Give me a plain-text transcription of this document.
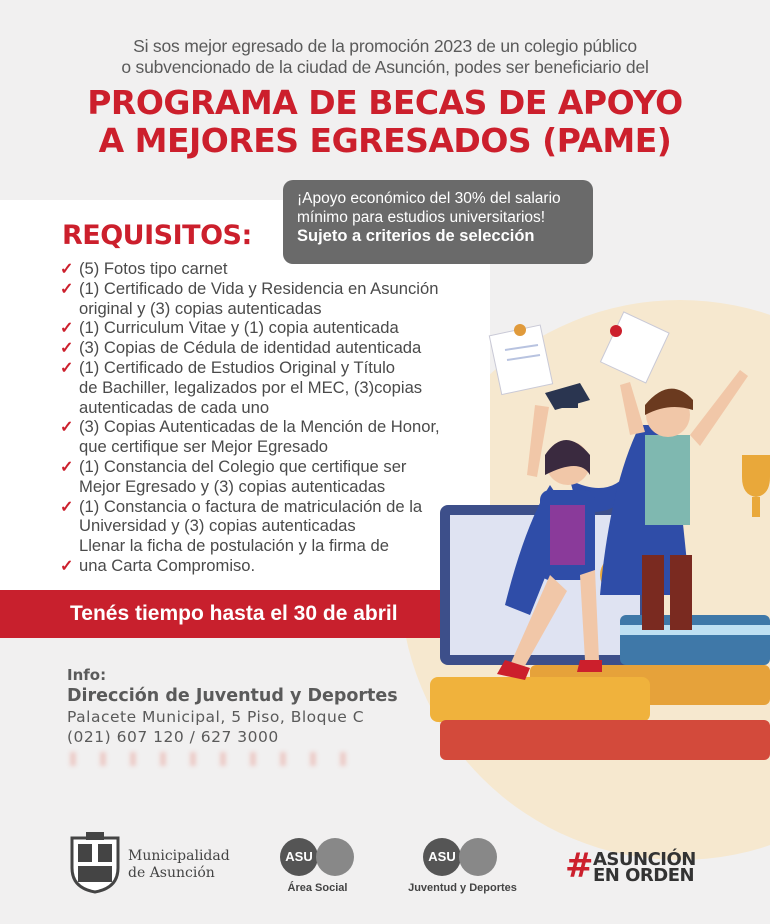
Si sos mejor egresado de la promoción 2023 de un colegio público
o subvencionado de la ciudad de Asunción, podes ser beneficiario del
PROGRAMA DE BECAS DE APOYO
A MEJORES EGRESADOS (PAME)
¡Apoyo económico del 30% del salario
mínimo para estudios universitarios!
Sujeto a criterios de selección
REQUISITOS:
✓ (5) Fotos tipo carnet
✓ (1) Certificado de Vida y Residencia en Asunción
original y (3) copias autenticadas
✓ (1) Curriculum Vitae y (1) copia autenticada
✓ (3) Copias de Cédula de identidad autenticada
✓ (1) Certificado de Estudios Original y Título
de Bachiller, legalizados por el MEC, (3)copias
autenticadas de cada uno
✓ (3) Copias Autenticadas de la Mención de Honor,
que certifique ser Mejor Egresado
✓ (1) Constancia del Colegio que certifique ser
Mejor Egresado y (3) copias autenticadas
✓ (1) Constancia o factura de matriculación de la
Universidad y (3) copias autenticadas
Llenar la ficha de postulación y la firma de
✓ una Carta Compromiso.
Tenés tiempo hasta el 30 de abril
Info:
Dirección de Juventud y Deportes
Palacete Municipal, 5 Piso, Bloque C
(021) 607 120 / 627 3000
Municipalidad
de Asunción
ASU
Área Social
ASU
Juventud y Deportes
# ASUNCIÓN
EN ORDEN
